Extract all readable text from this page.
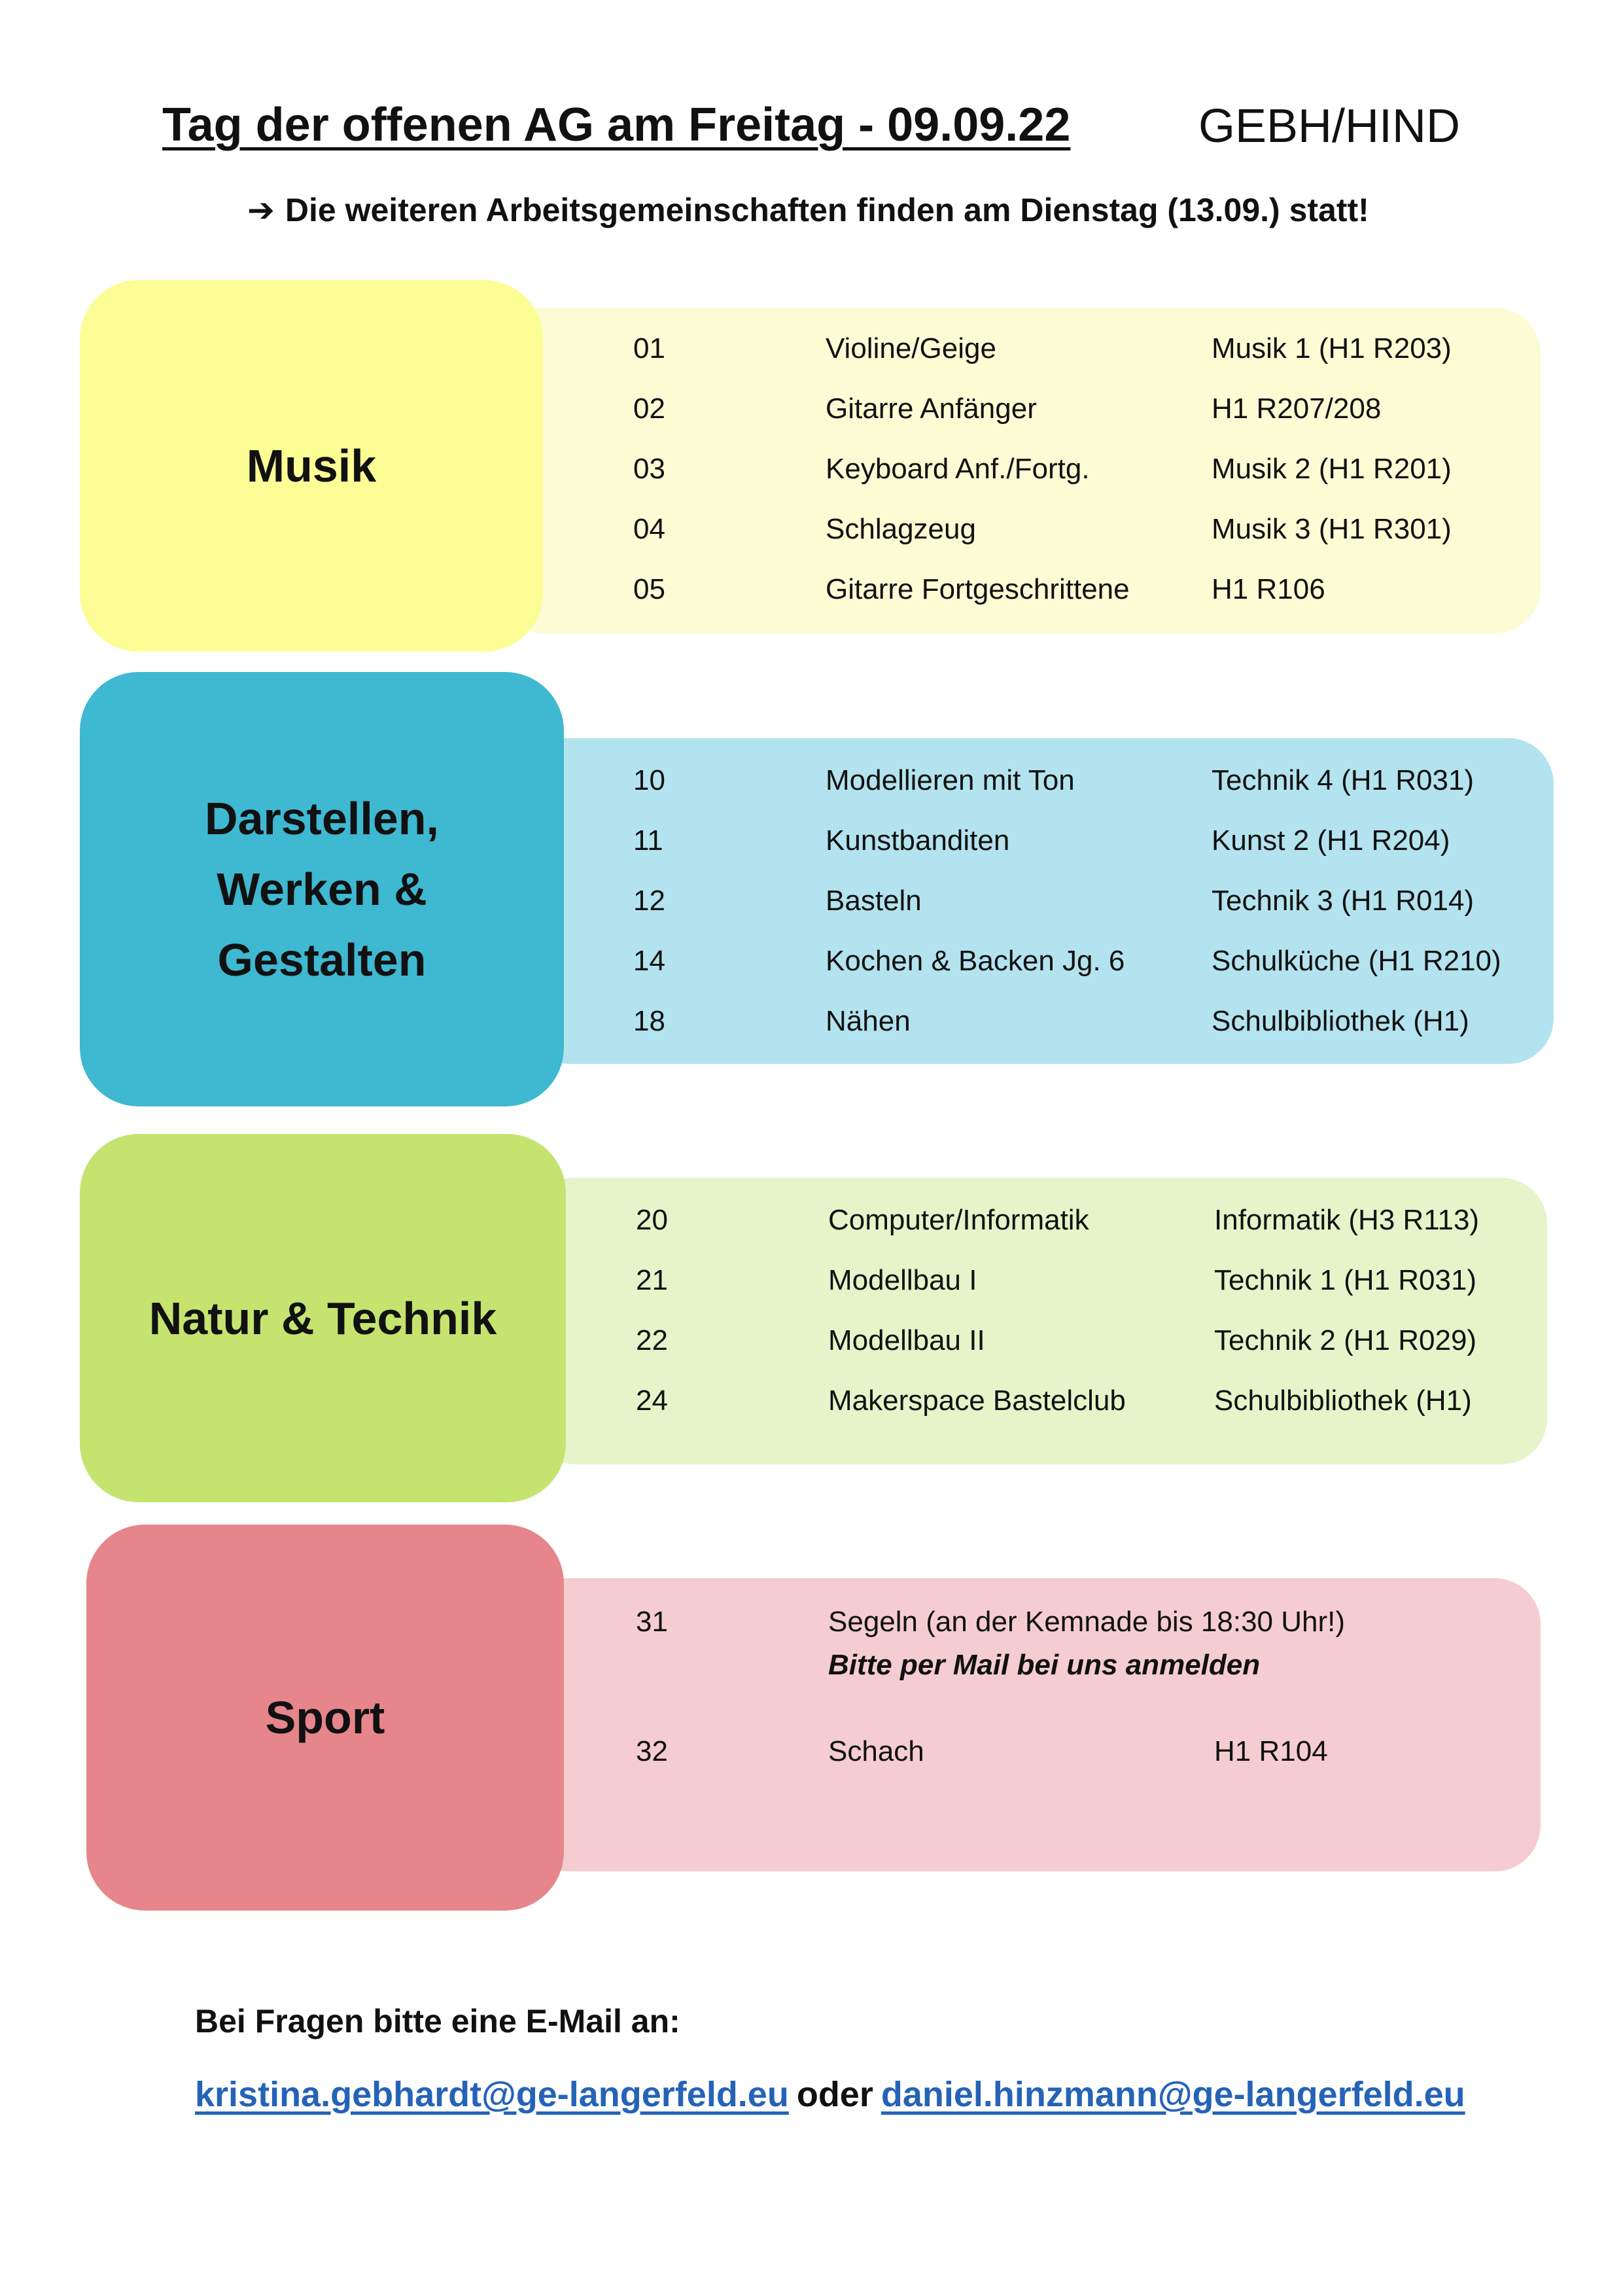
Tag der offenen AG am Freitag - 09.09.22	GEBH/HIND
➔ Die weiteren Arbeitsgemeinschaften finden am Dienstag (13.09.) statt!
Musik
01	Violine/Geige	Musik 1 (H1 R203)
02	Gitarre Anfänger	H1 R207/208
03	Keyboard Anf./Fortg.	Musik 2 (H1 R201)
04	Schlagzeug	Musik 3 (H1 R301)
05	Gitarre Fortgeschrittene	H1 R106
Darstellen,
Werken &
Gestalten
10	Modellieren mit Ton	Technik 4 (H1 R031)
11	Kunstbanditen	Kunst 2 (H1 R204)
12	Basteln	Technik 3 (H1 R014)
14	Kochen & Backen Jg. 6	Schulküche (H1 R210)
18	Nähen	Schulbibliothek (H1)
Natur & Technik
20	Computer/Informatik	Informatik (H3 R113)
21	Modellbau I	Technik 1 (H1 R031)
22	Modellbau II	Technik 2 (H1 R029)
24	Makerspace Bastelclub	Schulbibliothek (H1)
Sport
31	Segeln (an der Kemnade bis 18:30 Uhr!)
Bitte per Mail bei uns anmelden
32	Schach	H1 R104
Bei Fragen bitte eine E-Mail an:
kristina.gebhardt@ge-langerfeld.eu oder daniel.hinzmann@ge-langerfeld.eu
